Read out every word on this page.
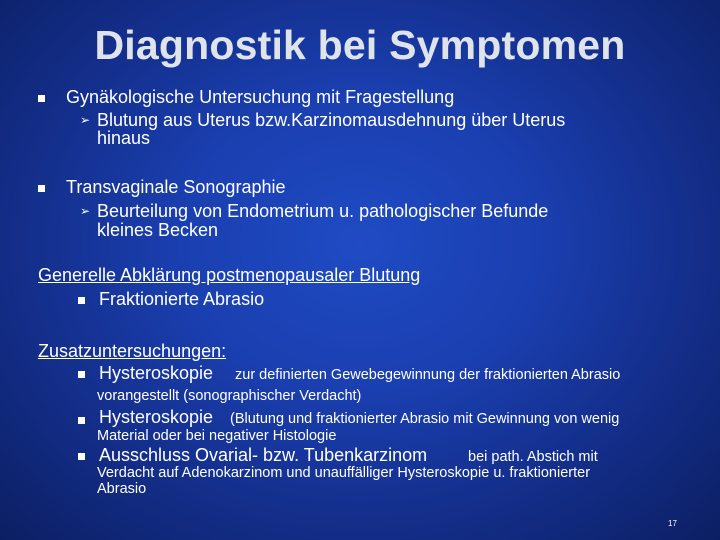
Diagnostik bei Symptomen
Gynäkologische Untersuchung mit Fragestellung
➢ Blutung aus Uterus bzw.Karzinomausdehnung über Uterus
hinaus
Transvaginale Sonographie
➢ Beurteilung von Endometrium u. pathologischer Befunde
kleines Becken
Generelle Abklärung postmenopausaler Blutung
Fraktionierte Abrasio
Zusatzuntersuchungen:
Hysteroskopie zur definierten Gewebegewinnung der fraktionierten Abrasio
vorangestellt (sonographischer Verdacht)
Hysteroskopie (Blutung und fraktionierter Abrasio mit Gewinnung von wenig
Material oder bei negativer Histologie
Ausschluss Ovarial- bzw. Tubenkarzinom	bei path. Abstich mit
Verdacht auf Adenokarzinom und unauffälliger Hysteroskopie u. fraktionierter
Abrasio
17
